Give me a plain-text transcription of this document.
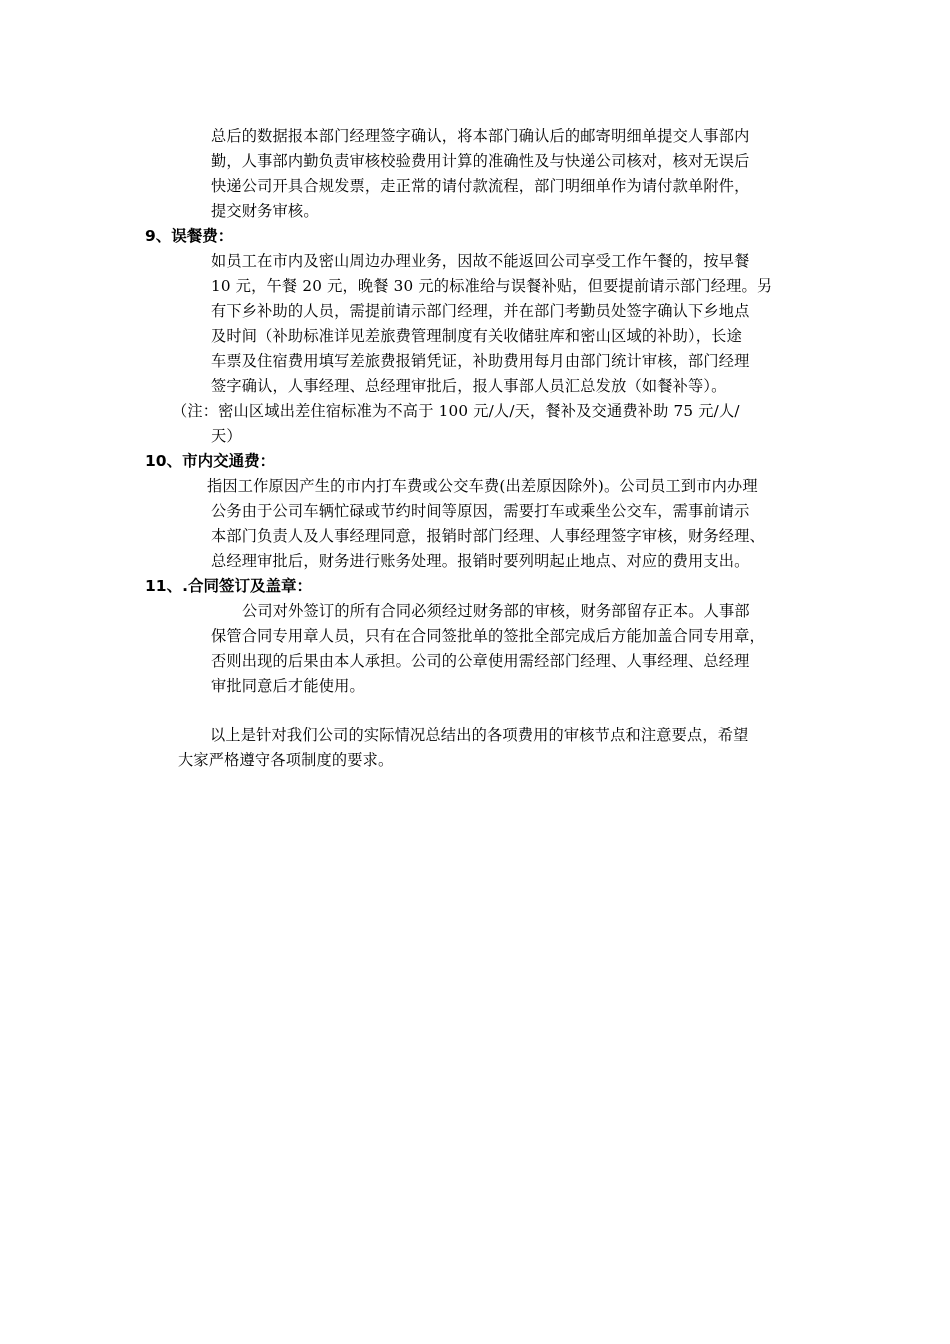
总后的数据报本部门经理签字确认，将本部门确认后的邮寄明细单提交人事部内
勤，人事部内勤负责审核校验费用计算的准确性及与快递公司核对，核对无误后
快递公司开具合规发票，走正常的请付款流程，部门明细单作为请付款单附件，
提交财务审核。
9、误餐费：
如员工在市内及密山周边办理业务，因故不能返回公司享受工作午餐的，按早餐
10 元，午餐 20 元，晚餐 30 元的标准给与误餐补贴，但要提前请示部门经理。另
有下乡补助的人员，需提前请示部门经理，并在部门考勤员处签字确认下乡地点
及时间（补助标准详见差旅费管理制度有关收储驻库和密山区域的补助），长途
车票及住宿费用填写差旅费报销凭证，补助费用每月由部门统计审核，部门经理
签字确认，人事经理、总经理审批后，报人事部人员汇总发放（如餐补等）。
（注：密山区域出差住宿标准为不高于 100 元/人/天，餐补及交通费补助 75 元/人/
天）
10、市内交通费：
指因工作原因产生的市内打车费或公交车费(出差原因除外)。公司员工到市内办理
公务由于公司车辆忙碌或节约时间等原因，需要打车或乘坐公交车，需事前请示
本部门负责人及人事经理同意，报销时部门经理、人事经理签字审核，财务经理、
总经理审批后，财务进行账务处理。报销时要列明起止地点、对应的费用支出。
11、.合同签订及盖章：
公司对外签订的所有合同必须经过财务部的审核，财务部留存正本。人事部
保管合同专用章人员，只有在合同签批单的签批全部完成后方能加盖合同专用章，
否则出现的后果由本人承担。公司的公章使用需经部门经理、人事经理、总经理
审批同意后才能使用。
以上是针对我们公司的实际情况总结出的各项费用的审核节点和注意要点，希望
大家严格遵守各项制度的要求。
